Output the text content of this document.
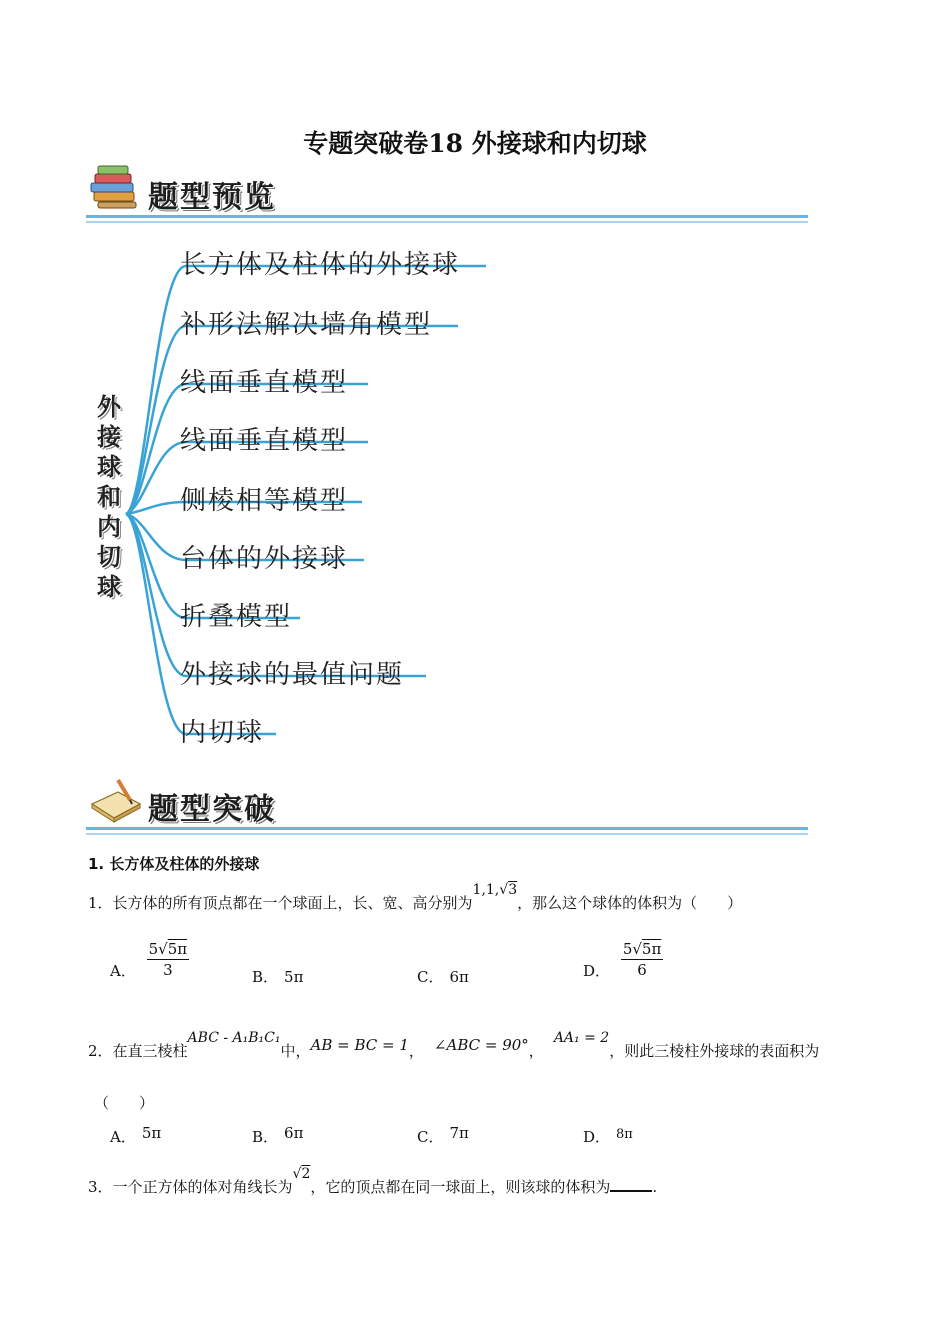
专题突破卷18 外接球和内切球
题型预览
外
接
球
和
内
切
球
长方体及柱体的外接球
补形法解决墙角模型
线面垂直模型
线面垂直模型
侧棱相等模型
台体的外接球
折叠模型
外接球的最值问题
内切球
题型突破
1. 长方体及柱体的外接球
1．长方体的所有顶点都在一个球面上，长、宽、高分别为1,1,√3，那么这个球体的体积为（　　）
A． $\frac{5√5\pi}{3}$	B． 5π	C． 6π	D． $\frac{5√5\pi}{6}$
2．在直三棱柱ABC - A₁B₁C₁中，AB = BC = 1， ∠ABC = 90°，AA₁ = 2，则此三棱柱外接球的表面积为
（　　）
A． 5π	B． 6π	C． 7π	D． 8π
3．一个正方体的体对角线长为√2，它的顶点都在同一球面上，则该球的体积为	.
